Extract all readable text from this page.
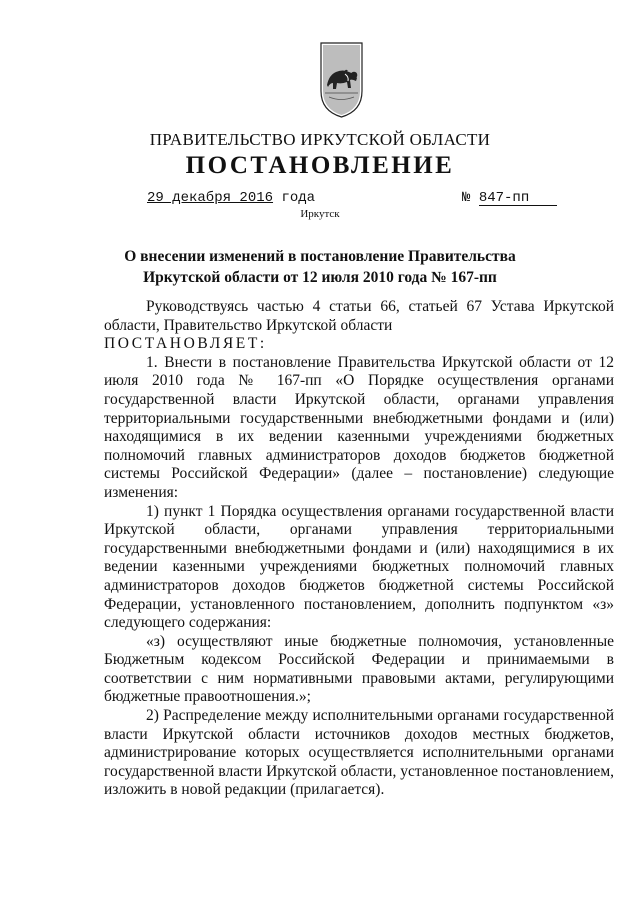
ПРАВИТЕЛЬСТВО ИРКУТСКОЙ ОБЛАСТИ
ПОСТАНОВЛЕНИЕ
29 декабря 2016 года	№ 847-пп
Иркутск
О внесении изменений в постановление Правительства Иркутской области от 12 июля 2010 года № 167-пп

Руководствуясь частью 4 статьи 66, статьей 67 Устава Иркутской области, Правительство Иркутской области

ПОСТАНОВЛЯЕТ:

1. Внести в постановление Правительства Иркутской области от 12 июля 2010 года № 167-пп «О Порядке осуществления органами государственной власти Иркутской области, органами управления территориальными государственными внебюджетными фондами и (или) находящимися в их ведении казенными учреждениями бюджетных полномочий главных администраторов доходов бюджетов бюджетной системы Российской Федерации» (далее – постановление) следующие изменения:

1) пункт 1 Порядка осуществления органами государственной власти Иркутской области, органами управления территориальными государственными внебюджетными фондами и (или) находящимися в их ведении казенными учреждениями бюджетных полномочий главных администраторов доходов бюджетов бюджетной системы Российской Федерации, установленного постановлением, дополнить подпунктом «з» следующего содержания:

«з) осуществляют иные бюджетные полномочия, установленные Бюджетным кодексом Российской Федерации и принимаемыми в соответствии с ним нормативными правовыми актами, регулирующими бюджетные правоотношения.»;

2) Распределение между исполнительными органами государственной власти Иркутской области источников доходов местных бюджетов, администрирование которых осуществляется исполнительными органами государственной власти Иркутской области, установленное постановлением, изложить в новой редакции (прилагается).
